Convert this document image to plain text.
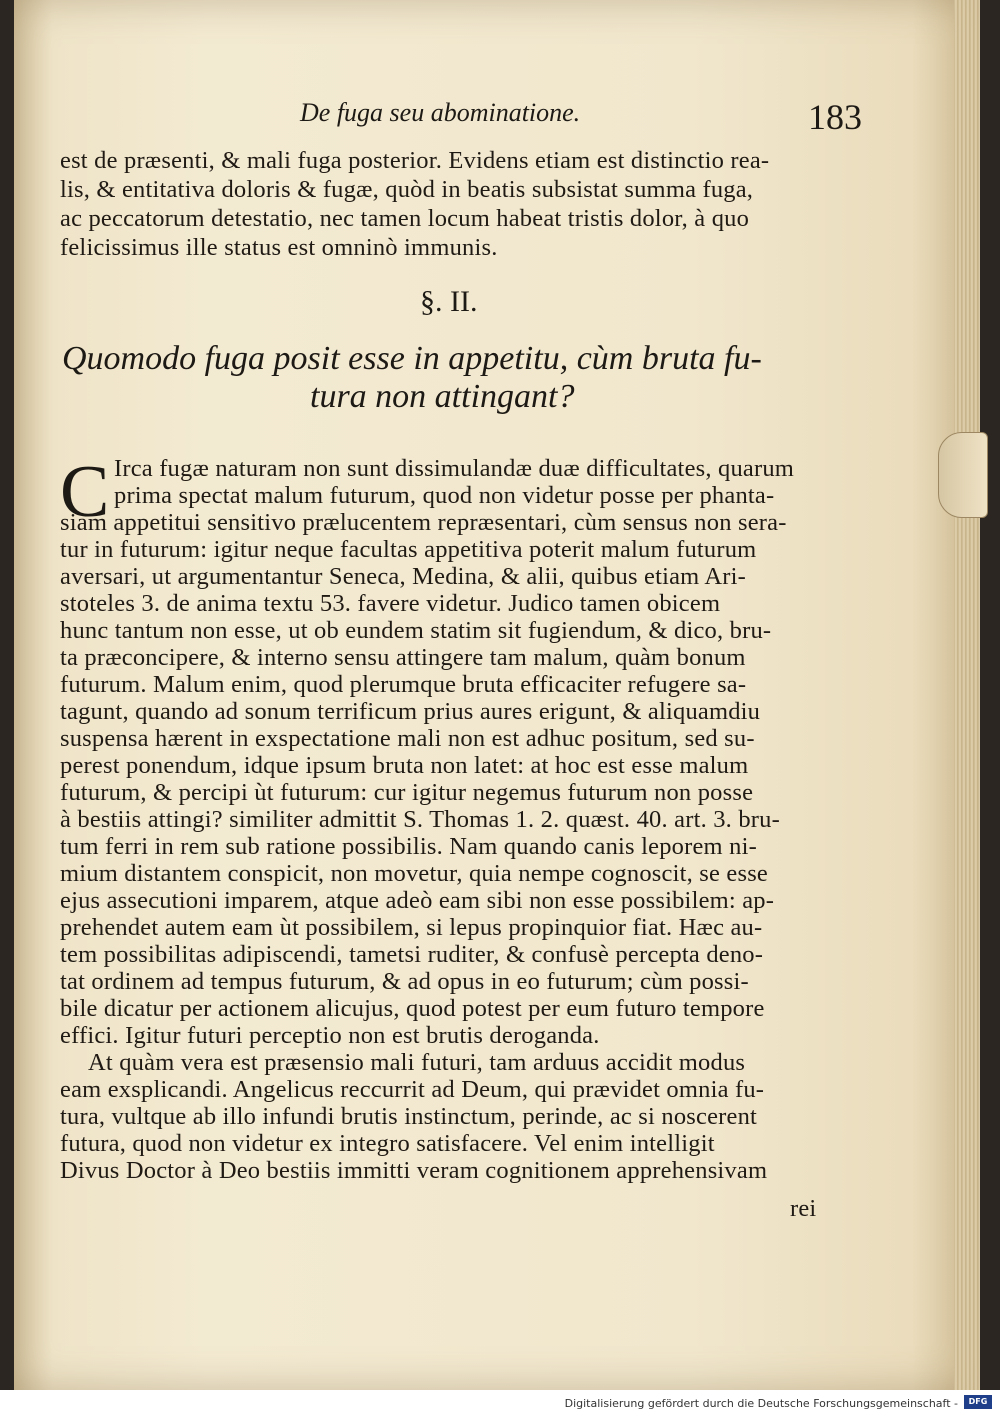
De fuga seu abominatione.	183
est de præsenti, & mali fuga posterior. Evidens etiam est distinctio rea-
lis, & entitativa doloris & fugæ, quòd in beatis subsistat summa fuga,
ac peccatorum detestatio, nec tamen locum habeat tristis dolor, à quo
felicissimus ille status est omninò immunis.
§. II.
Quomodo fuga posit esse in appetitu, cùm bruta fu-
tura non attingant?
C Irca fugæ naturam non sunt dissimulandæ duæ difficultates, quarum
prima spectat malum futurum, quod non videtur posse per phanta-
siam appetitui sensitivo prælucentem repræsentari, cùm sensus non sera-
tur in futurum: igitur neque facultas appetitiva poterit malum futurum
aversari, ut argumentantur Seneca, Medina, & alii, quibus etiam Ari-
stoteles 3. de anima textu 53. favere videtur. Judico tamen obicem
hunc tantum non esse, ut ob eundem statim sit fugiendum, & dico, bru-
ta præconcipere, & interno sensu attingere tam malum, quàm bonum
futurum. Malum enim, quod plerumque bruta efficaciter refugere sa-
tagunt, quando ad sonum terrificum prius aures erigunt, & aliquamdiu
suspensa hærent in exspectatione mali non est adhuc positum, sed su-
perest ponendum, idque ipsum bruta non latet: at hoc est esse malum
futurum, & percipi ùt futurum: cur igitur negemus futurum non posse
à bestiis attingi? similiter admittit S. Thomas 1. 2. quæst. 40. art. 3. bru-
tum ferri in rem sub ratione possibilis. Nam quando canis leporem ni-
mium distantem conspicit, non movetur, quia nempe cognoscit, se esse
ejus assecutioni imparem, atque adeò eam sibi non esse possibilem: ap-
prehendet autem eam ùt possibilem, si lepus propinquior fiat. Hæc au-
tem possibilitas adipiscendi, tametsi ruditer, & confusè percepta deno-
tat ordinem ad tempus futurum, & ad opus in eo futurum; cùm possi-
bile dicatur per actionem alicujus, quod potest per eum futuro tempore
effici. Igitur futuri perceptio non est brutis deroganda.
At quàm vera est præsensio mali futuri, tam arduus accidit modus
eam exsplicandi. Angelicus reccurrit ad Deum, qui prævidet omnia fu-
tura, vultque ab illo infundi brutis instinctum, perinde, ac si noscerent
futura, quod non videtur ex integro satisfacere. Vel enim intelligit
Divus Doctor à Deo bestiis immitti veram cognitionem apprehensivam
rei
Digitalisierung gefördert durch die Deutsche Forschungsgemeinschaft -	DFG
